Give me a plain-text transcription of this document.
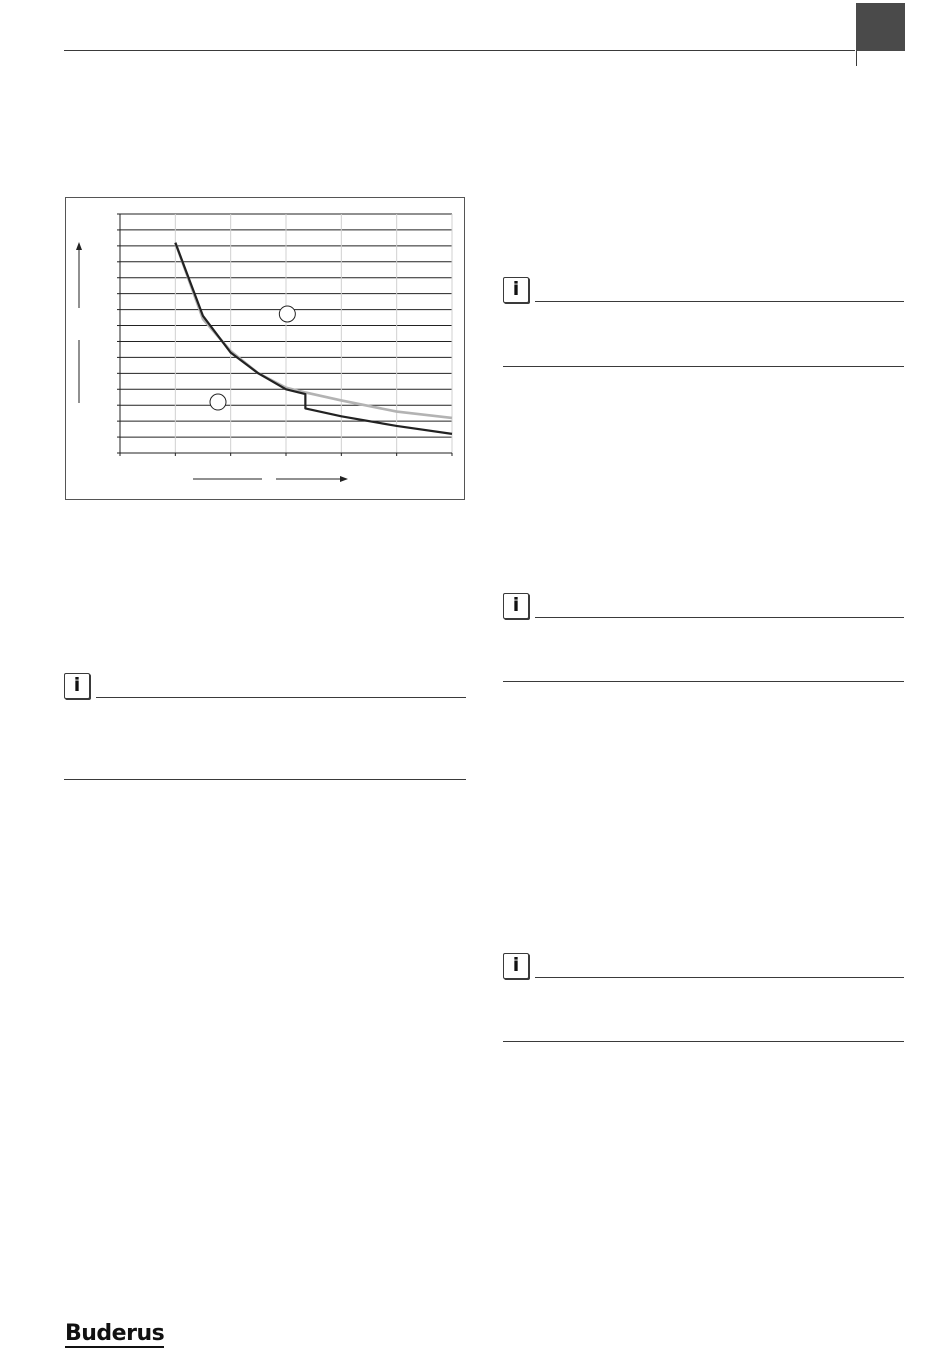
i
i
i
i
Buderus
